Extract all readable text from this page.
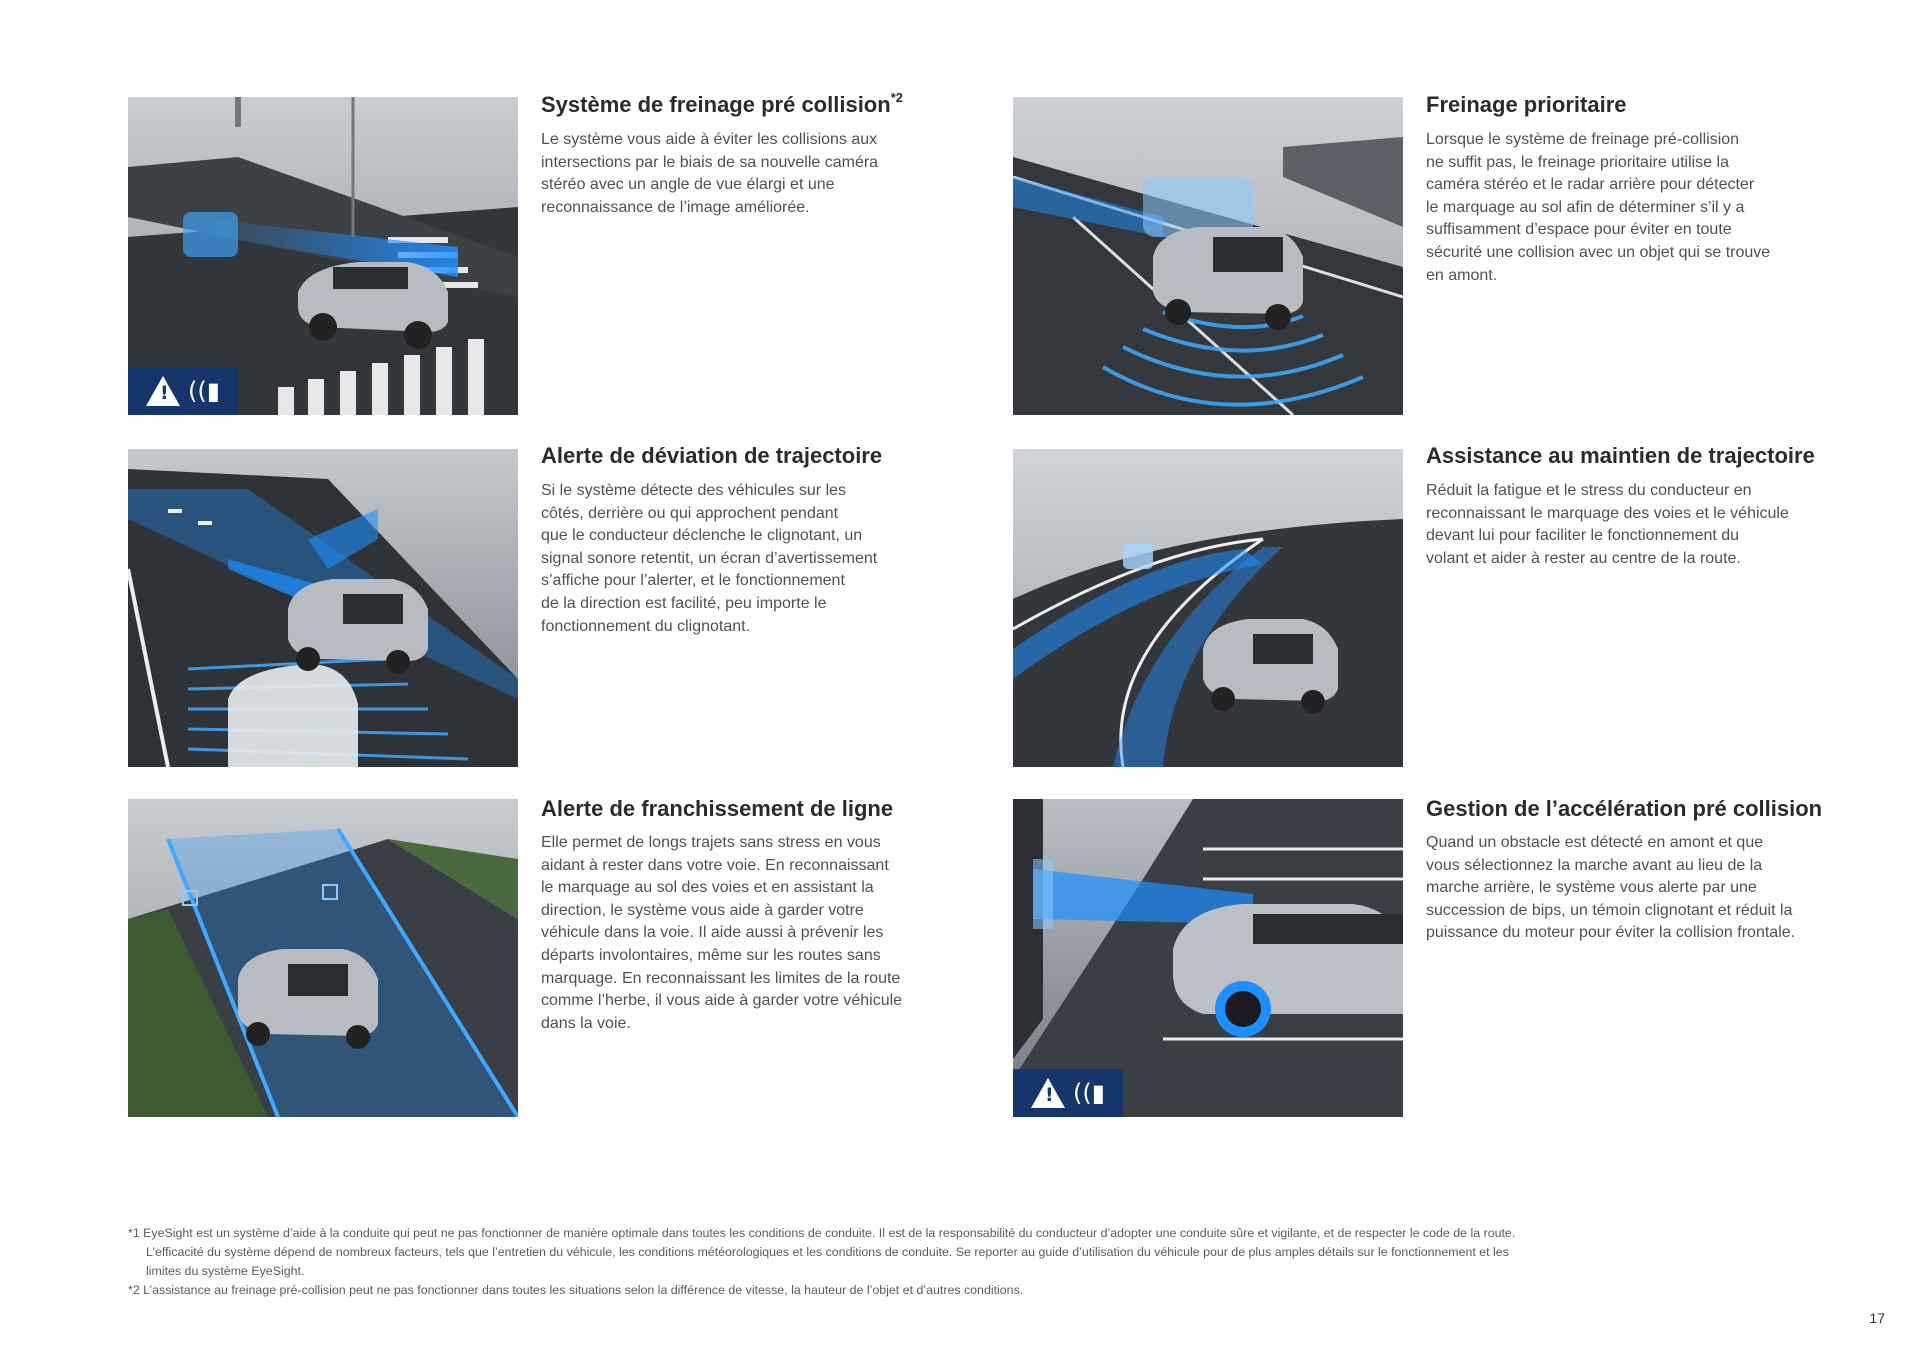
! ((▮
Système de freinage pré collision$^{*2}$

Le système vous aide à éviter les collisions aux
intersections par le biais de sa nouvelle caméra
stéréo avec un angle de vue élargi et une
reconnaissance de l’image améliorée.

Freinage prioritaire

Lorsque le système de freinage pré-collision
ne suffit pas, le freinage prioritaire utilise la
caméra stéréo et le radar arrière pour détecter
le marquage au sol afin de déterminer s’il y a
suffisamment d’espace pour éviter en toute
sécurité une collision avec un objet qui se trouve
en amont.

Alerte de déviation de trajectoire

Si le système détecte des véhicules sur les
côtés, derrière ou qui approchent pendant
que le conducteur déclenche le clignotant, un
signal sonore retentit, un écran d’avertissement
s’affiche pour l’alerter, et le fonctionnement
de la direction est facilité, peu importe le
fonctionnement du clignotant.

Assistance au maintien de trajectoire

Réduit la fatigue et le stress du conducteur en
reconnaissant le marquage des voies et le véhicule
devant lui pour faciliter le fonctionnement du
volant et aider à rester au centre de la route.

Alerte de franchissement de ligne

Elle permet de longs trajets sans stress en vous
aidant à rester dans votre voie. En reconnaissant
le marquage au sol des voies et en assistant la
direction, le système vous aide à garder votre
véhicule dans la voie. Il aide aussi à prévenir les
départs involontaires, même sur les routes sans
marquage. En reconnaissant les limites de la route
comme l’herbe, il vous aide à garder votre véhicule
dans la voie.

! ((▮
Gestion de l’accélération pré collision

Quand un obstacle est détecté en amont et que
vous sélectionnez la marche avant au lieu de la
marche arrière, le système vous alerte par une
succession de bips, un témoin clignotant et réduit la
puissance du moteur pour éviter la collision frontale.

*1 EyeSight est un système d’aide à la conduite qui peut ne pas fonctionner de manière optimale dans toutes les conditions de conduite. Il est de la responsabilité du conducteur d’adopter une conduite sûre et vigilante, et de respecter le code de la route.
L’efficacité du système dépend de nombreux facteurs, tels que l’entretien du véhicule, les conditions météorologiques et les conditions de conduite. Se reporter au guide d’utilisation du véhicule pour de plus amples détails sur le fonctionnement et les
limites du système EyeSight.

*2 L’assistance au freinage pré-collision peut ne pas fonctionner dans toutes les situations selon la différence de vitesse, la hauteur de l’objet et d’autres conditions.

17
